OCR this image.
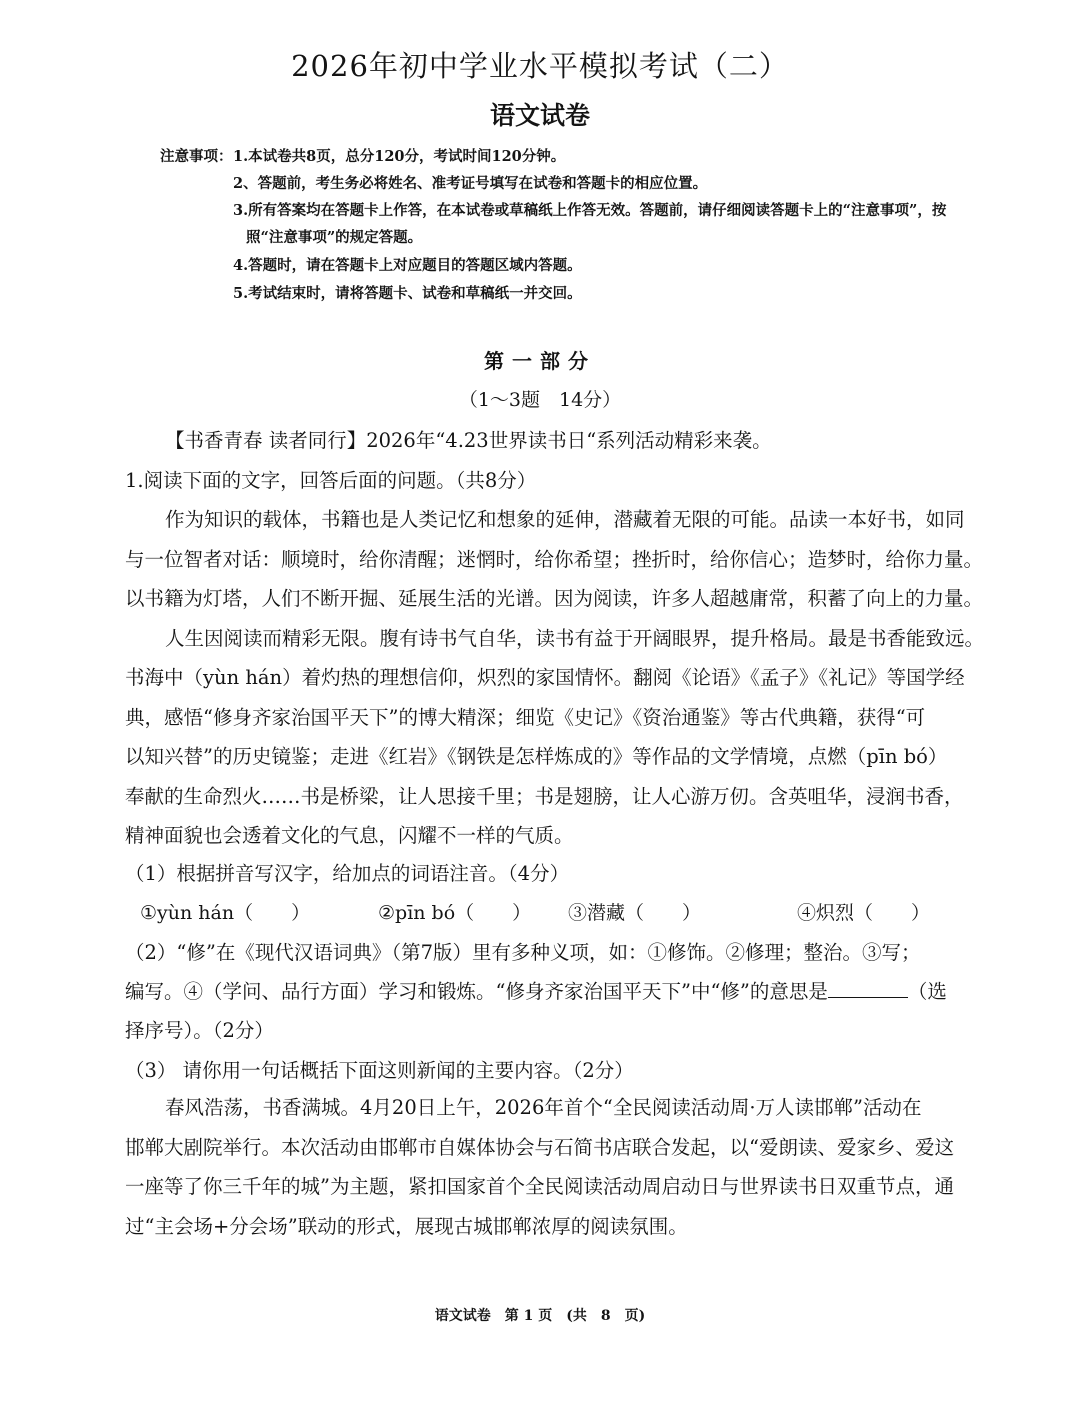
2026年初中学业水平模拟考试（二）
语文试卷
注意事项： 1.本试卷共8页，总分120分，考试时间120分钟。
2、答题前，考生务必将姓名、准考证号填写在试卷和答题卡的相应位置。
3.所有答案均在答题卡上作答，在本试卷或草稿纸上作答无效。答题前，请仔细阅读答题卡上的“注意事项”，按
照“注意事项”的规定答题。
4.答题时，请在答题卡上对应题目的答题区域内答题。
5.考试结束时，请将答题卡、试卷和草稿纸一并交回。
第一部分
（1～3题　14分）
【书香青春 读者同行】2026年“4.23世界读书日“系列活动精彩来袭。
1.阅读下面的文字，回答后面的问题。（共8分）
作为知识的载体，书籍也是人类记忆和想象的延伸，潜藏着无限的可能。品读一本好书，如同
与一位智者对话：顺境时，给你清醒；迷惘时，给你希望；挫折时，给你信心；造梦时，给你力量。
以书籍为灯塔，人们不断开掘、延展生活的光谱。因为阅读，许多人超越庸常，积蓄了向上的力量。
人生因阅读而精彩无限。腹有诗书气自华，读书有益于开阔眼界，提升格局。最是书香能致远。
书海中（yùn hán）着灼热的理想信仰，炽烈的家国情怀。翻阅《论语》《孟子》《礼记》等国学经
典，感悟“修身齐家治国平天下”的博大精深；细览《史记》《资治通鉴》等古代典籍，获得“可
以知兴替”的历史镜鉴；走进《红岩》《钢铁是怎样炼成的》等作品的文学情境，点燃（pīn bó）
奉献的生命烈火……书是桥梁，让人思接千里；书是翅膀，让人心游万仞。含英咀华，浸润书香，
精神面貌也会透着文化的气息，闪耀不一样的气质。
（1）根据拼音写汉字，给加点的词语注音。（4分）
①yùn hán（　　）	②pīn bó（　　） ③潜藏（　　）	④炽烈（　　）
（2）“修”在《现代汉语词典》（第7版）里有多种义项，如：①修饰。②修理；整治。③写；
编写。④（学问、品行方面）学习和锻炼。“修身齐家治国平天下”中“修”的意思是	（选
择序号）。（2分）
（3） 请你用一句话概括下面这则新闻的主要内容。（2分）
春风浩荡，书香满城。4月20日上午，2026年首个“全民阅读活动周·万人读邯郸”活动在
邯郸大剧院举行。本次活动由邯郸市自媒体协会与石简书店联合发起，以“爱朗读、爱家乡、爱这
一座等了你三千年的城”为主题，紧扣国家首个全民阅读活动周启动日与世界读书日双重节点，通
过“主会场+分会场”联动的形式，展现古城邯郸浓厚的阅读氛围。
语文试卷　第 1 页　(共　8　页)
